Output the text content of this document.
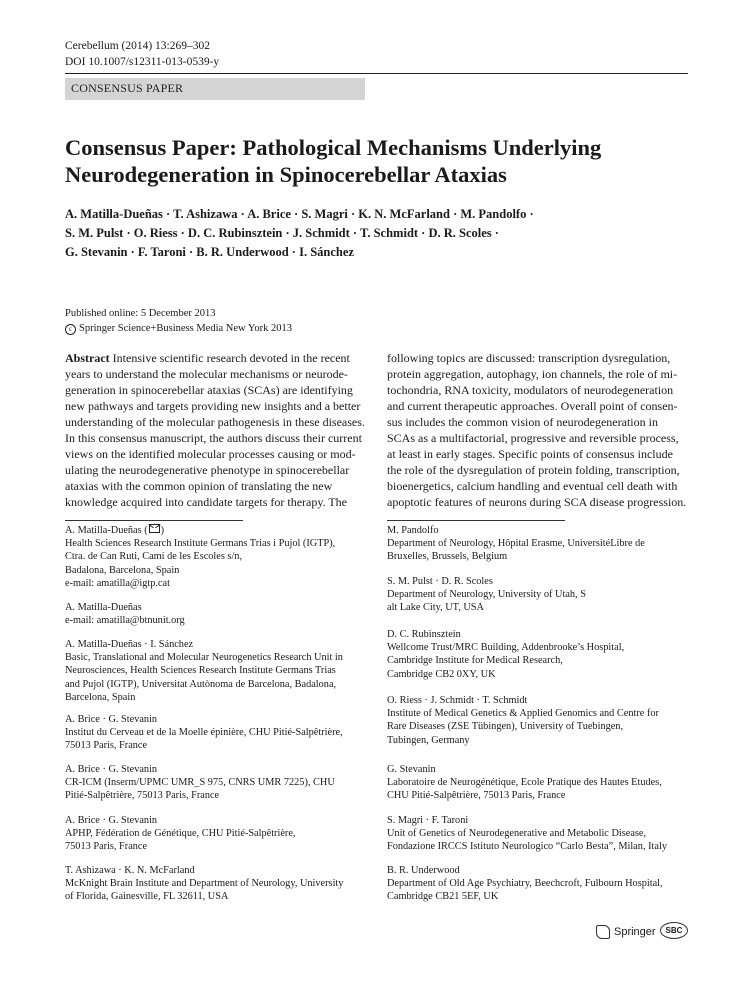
Cerebellum (2014) 13:269–302
DOI 10.1007/s12311-013-0539-y
CONSENSUS PAPER
Consensus Paper: Pathological Mechanisms Underlying
Neurodegeneration in Spinocerebellar Ataxias
A. Matilla-Dueñas · T. Ashizawa · A. Brice · S. Magri · K. N. McFarland · M. Pandolfo ·
S. M. Pulst · O. Riess · D. C. Rubinsztein · J. Schmidt · T. Schmidt · D. R. Scoles ·
G. Stevanin · F. Taroni · B. R. Underwood · I. Sánchez
Published online: 5 December 2013
c Springer Science+Business Media New York 2013
Abstract Intensive scientific research devoted in the recent
years to understand the molecular mechanisms or neurode-
generation in spinocerebellar ataxias (SCAs) are identifying
new pathways and targets providing new insights and a better
understanding of the molecular pathogenesis in these diseases.
In this consensus manuscript, the authors discuss their current
views on the identified molecular processes causing or mod-
ulating the neurodegenerative phenotype in spinocerebellar
ataxias with the common opinion of translating the new
knowledge acquired into candidate targets for therapy. The
following topics are discussed: transcription dysregulation,
protein aggregation, autophagy, ion channels, the role of mi-
tochondria, RNA toxicity, modulators of neurodegeneration
and current therapeutic approaches. Overall point of consen-
sus includes the common vision of neurodegeneration in
SCAs as a multifactorial, progressive and reversible process,
at least in early stages. Specific points of consensus include
the role of the dysregulation of protein folding, transcription,
bioenergetics, calcium handling and eventual cell death with
apoptotic features of neurons during SCA disease progression.
A. Matilla-Dueñas ( )
Health Sciences Research Institute Germans Trias i Pujol (IGTP),
Ctra. de Can Ruti, Camí de les Escoles s/n,
Badalona, Barcelona, Spain
e-mail: amatilla@igtp.cat
A. Matilla-Dueñas
e-mail: amatilla@btnunit.org
A. Matilla-Dueñas · I. Sánchez
Basic, Translational and Molecular Neurogenetics Research Unit in
Neurosciences, Health Sciences Research Institute Germans Trias
and Pujol (IGTP), Universitat Autònoma de Barcelona, Badalona,
Barcelona, Spain
A. Brice · G. Stevanin
Institut du Cerveau et de la Moelle épinière, CHU Pitié-Salpêtrière,
75013 Paris, France
A. Brice · G. Stevanin
CR-ICM (Inserm/UPMC UMR_S 975, CNRS UMR 7225), CHU
Pitié-Salpêtrière, 75013 Paris, France
A. Brice · G. Stevanin
APHP, Fédération de Génétique, CHU Pitié-Salpêtrière,
75013 Paris, France
T. Ashizawa · K. N. McFarland
McKnight Brain Institute and Department of Neurology, University
of Florida, Gainesville, FL 32611, USA
M. Pandolfo
Department of Neurology, Hôpital Erasme, UniversitéLibre de
Bruxelles, Brussels, Belgium
S. M. Pulst · D. R. Scoles
Department of Neurology, University of Utah, S
alt Lake City, UT, USA
D. C. Rubinsztein
Wellcome Trust/MRC Building, Addenbrooke’s Hospital,
Cambridge Institute for Medical Research,
Cambridge CB2 0XY, UK
O. Riess · J. Schmidt · T. Schmidt
Institute of Medical Genetics & Applied Genomics and Centre for
Rare Diseases (ZSE Tübingen), University of Tuebingen,
Tubingen, Germany
G. Stevanin
Laboratoire de Neurogénétique, Ecole Pratique des Hautes Etudes,
CHU Pitié-Salpêtrière, 75013 Paris, France
S. Magri · F. Taroni
Unit of Genetics of Neurodegenerative and Metabolic Disease,
Fondazione IRCCS Istituto Neurologico “Carlo Besta”, Milan, Italy
B. R. Underwood
Department of Old Age Psychiatry, Beechcroft, Fulbourn Hospital,
Cambridge CB21 5EF, UK
Springer	SBC
